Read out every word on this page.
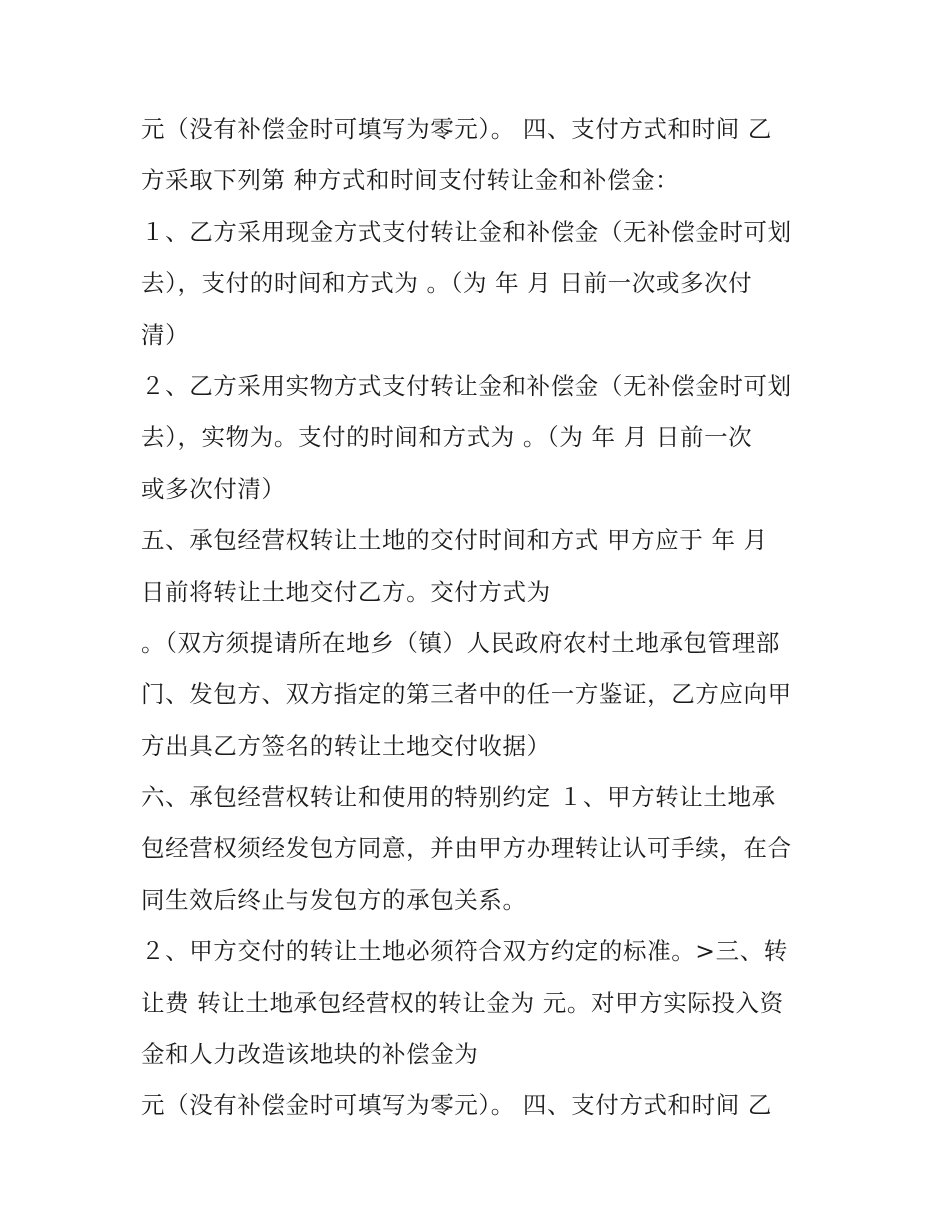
元（没有补偿金时可填写为零元）。 四、支付方式和时间 乙
方采取下列第 种方式和时间支付转让金和补偿金：
１、乙方采用现金方式支付转让金和补偿金（无补偿金时可划
去），支付的时间和方式为 。（为 年 月 日前一次或多次付
清）
２、乙方采用实物方式支付转让金和补偿金（无补偿金时可划
去），实物为。支付的时间和方式为 。（为 年 月 日前一次
或多次付清）
五、承包经营权转让土地的交付时间和方式 甲方应于 年 月
日前将转让土地交付乙方。交付方式为
。（双方须提请所在地乡（镇）人民政府农村土地承包管理部
门、发包方、双方指定的第三者中的任一方鉴证，乙方应向甲
方出具乙方签名的转让土地交付收据）
六、承包经营权转让和使用的特别约定 １、甲方转让土地承
包经营权须经发包方同意，并由甲方办理转让认可手续，在合
同生效后终止与发包方的承包关系。
２、甲方交付的转让土地必须符合双方约定的标准。>三、转
让费 转让土地承包经营权的转让金为 元。对甲方实际投入资
金和人力改造该地块的补偿金为
元（没有补偿金时可填写为零元）。 四、支付方式和时间 乙
